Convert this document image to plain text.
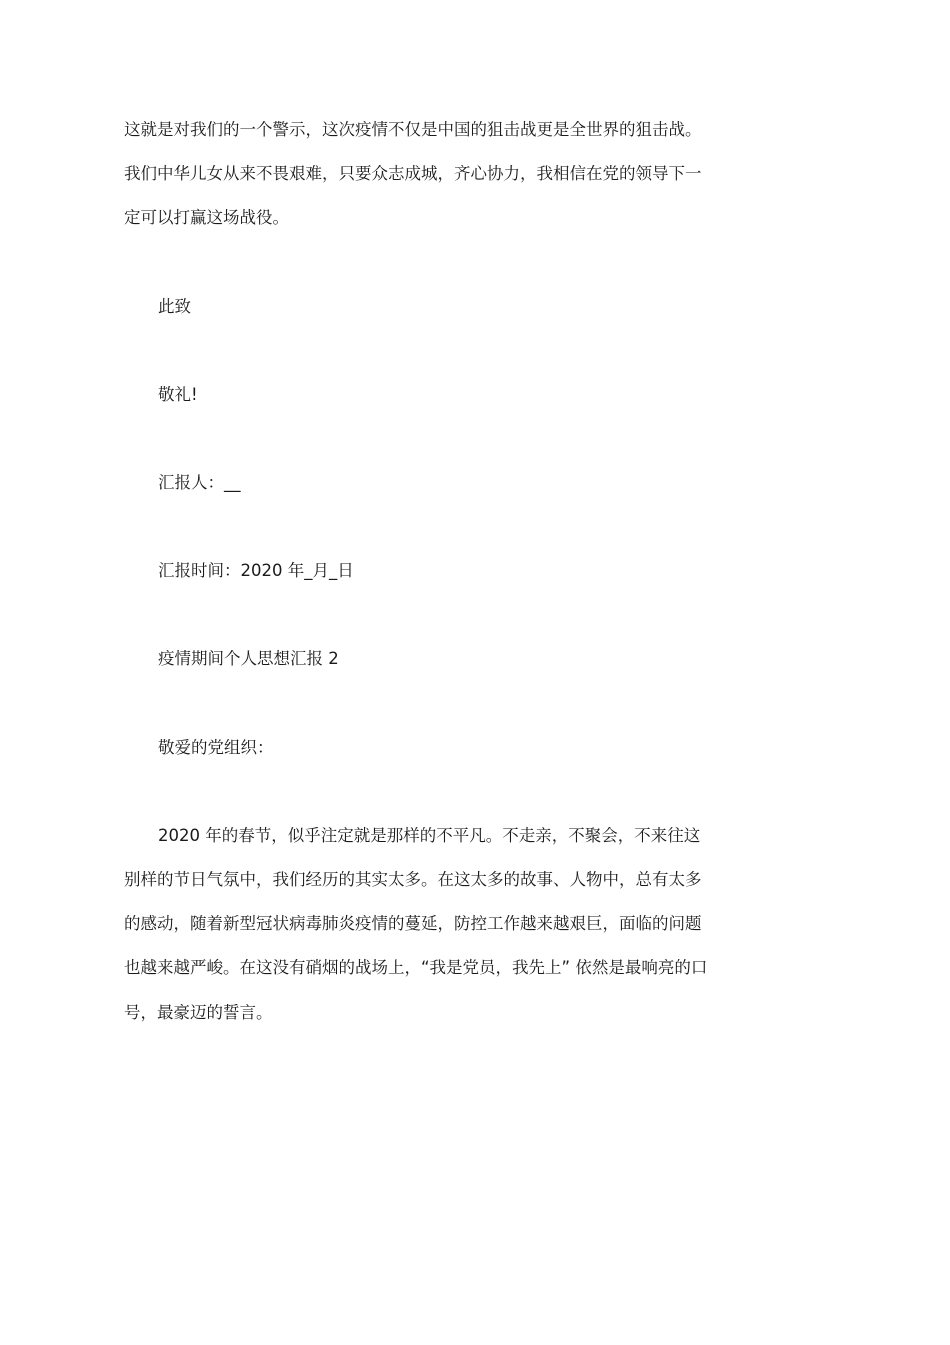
这就是对我们的一个警示，这次疫情不仅是中国的狙击战更是全世界的狙击战。
我们中华儿女从来不畏艰难，只要众志成城，齐心协力，我相信在党的领导下一
定可以打赢这场战役。

此致

敬礼!

汇报人：__

汇报时间：2020 年_月_日

疫情期间个人思想汇报 2

敬爱的党组织：

2020 年的春节，似乎注定就是那样的不平凡。不走亲，不聚会，不来往这
别样的节日气氛中，我们经历的其实太多。在这太多的故事、人物中，总有太多
的感动，随着新型冠状病毒肺炎疫情的蔓延，防控工作越来越艰巨，面临的问题
也越来越严峻。在这没有硝烟的战场上，“我是党员，我先上” 依然是最响亮的口
号，最豪迈的誓言。
